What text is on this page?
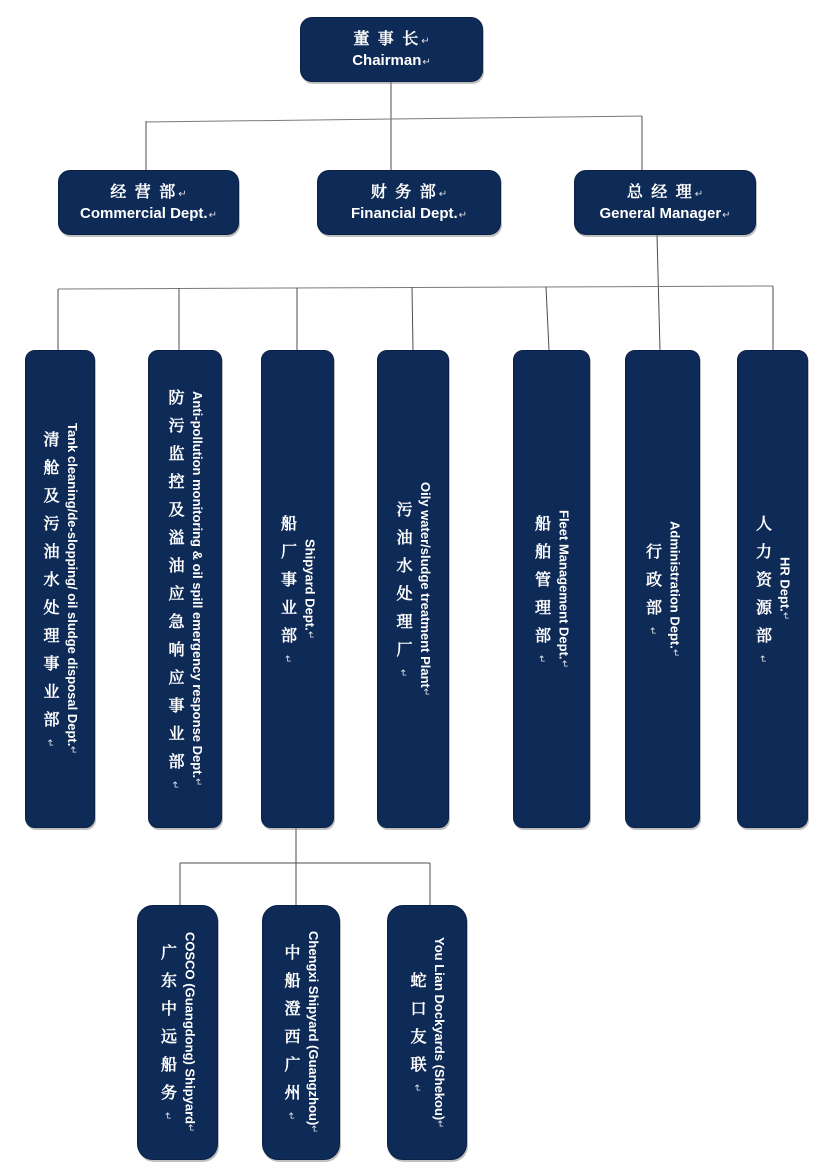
董 事 长↵
Chairman↵
经 营 部↵
Commercial Dept.↵
财 务 部↵
Financial Dept.↵
总 经 理↵
General Manager↵
Tank cleaning/de-slopping/ oil sludge disposal Dept.↵
清舱及污油水处理事业部↵	Anti-pollution monitoring & oil spill emergency response Dept.↵
防污监控及溢油应急响应事业部↵
Shipyard Dept.↵
船厂事业部↵	Oily water/sludge treatment Plant↵
污油水处理厂↵
Fleet Management Dept.↵
船舶管理部↵
Administration Dept.↵
行政部↵
HR Dept.↵
人力资源部↵
COSCO (Guangdong) Shipyard↵
广东中远船务↵	Chengxi Shipyard (Guangzhou)↵
中船澄西广州↵	You Lian Dockyards (Shekou)↵
蛇口友联↵
